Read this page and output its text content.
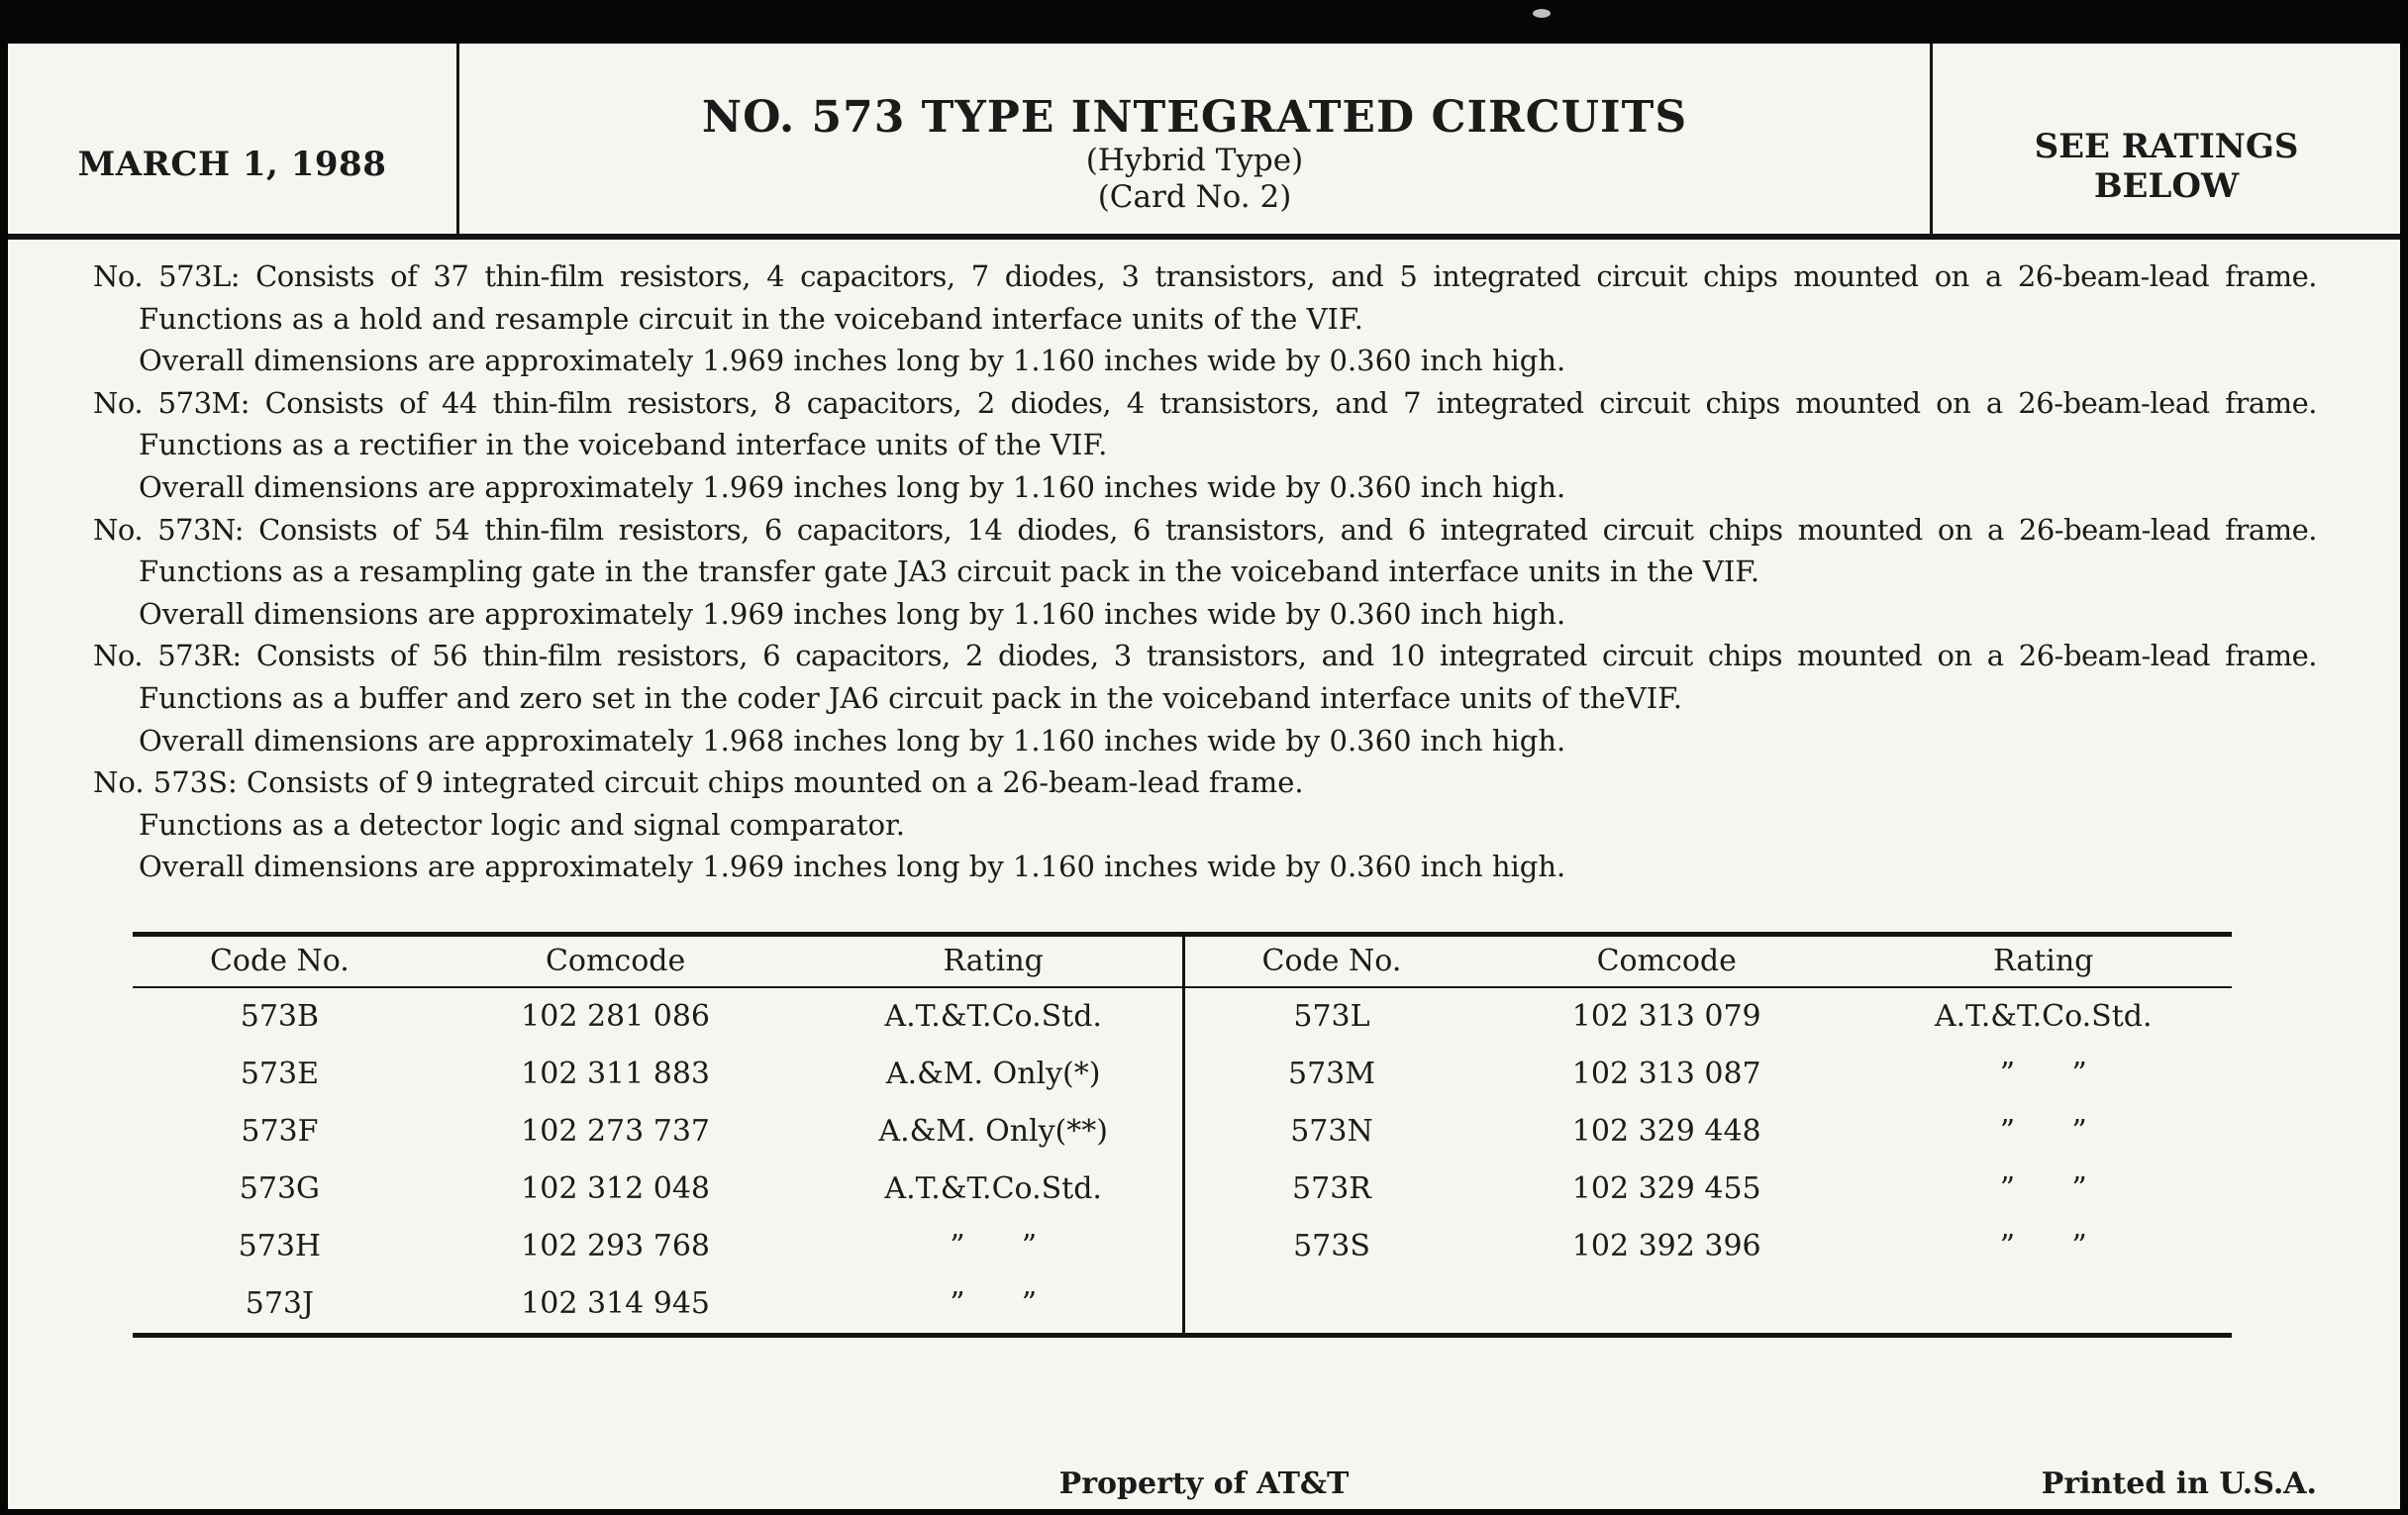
MARCH 1, 1988
NO. 573 TYPE INTEGRATED CIRCUITS
(Hybrid Type)
(Card No. 2)
SEE RATINGS
BELOW
No. 573L: Consists of 37 thin-film resistors, 4 capacitors, 7 diodes, 3 transistors, and 5 integrated circuit chips mounted on a 26-beam-lead frame.
Functions as a hold and resample circuit in the voiceband interface units of the VIF.
Overall dimensions are approximately 1.969 inches long by 1.160 inches wide by 0.360 inch high.
No. 573M: Consists of 44 thin-film resistors, 8 capacitors, 2 diodes, 4 transistors, and 7 integrated circuit chips mounted on a 26-beam-lead frame.
Functions as a rectifier in the voiceband interface units of the VIF.
Overall dimensions are approximately 1.969 inches long by 1.160 inches wide by 0.360 inch high.
No. 573N: Consists of 54 thin-film resistors, 6 capacitors, 14 diodes, 6 transistors, and 6 integrated circuit chips mounted on a 26-beam-lead frame.
Functions as a resampling gate in the transfer gate JA3 circuit pack in the voiceband interface units in the VIF.
Overall dimensions are approximately 1.969 inches long by 1.160 inches wide by 0.360 inch high.
No. 573R: Consists of 56 thin-film resistors, 6 capacitors, 2 diodes, 3 transistors, and 10 integrated circuit chips mounted on a 26-beam-lead frame.
Functions as a buffer and zero set in the coder JA6 circuit pack in the voiceband interface units of theVIF.
Overall dimensions are approximately 1.968 inches long by 1.160 inches wide by 0.360 inch high.
No. 573S: Consists of 9 integrated circuit chips mounted on a 26-beam-lead frame.
Functions as a detector logic and signal comparator.
Overall dimensions are approximately 1.969 inches long by 1.160 inches wide by 0.360 inch high.
Code No.	Comcode	Rating
573B	102 281 086	A.T.&T.Co.Std.
573E	102 311 883	A.&M. Only(*)
573F	102 273 737	A.&M. Only(**)
573G	102 312 048	A.T.&T.Co.Std.
573H	102 293 768	”      ”
573J	102 314 945	”      ”
Code No.	Comcode	Rating
573L	102 313 079	A.T.&T.Co.Std.
573M	102 313 087	”      ”
573N	102 329 448	”      ”
573R	102 329 455	”      ”
573S	102 392 396	”      ”
Property of AT&T	Printed in U.S.A.
